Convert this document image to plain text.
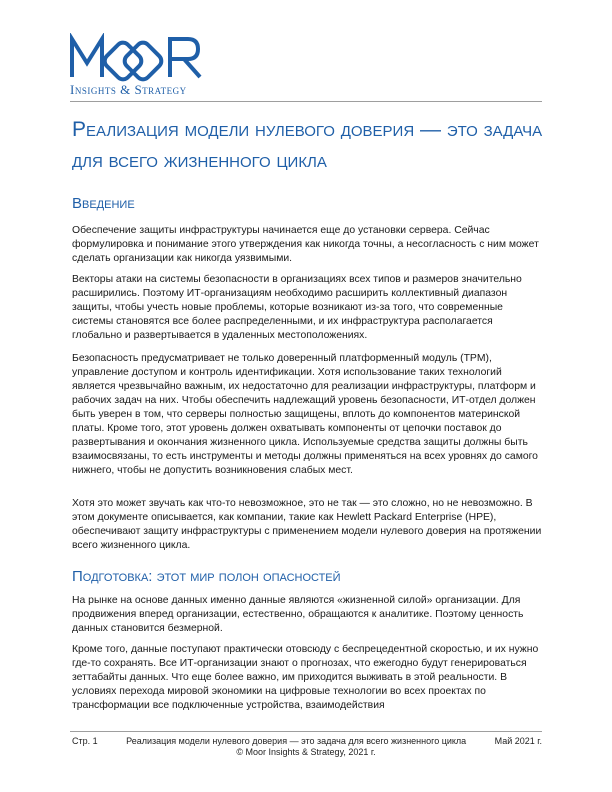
Insights & Strategy
Реализация модели нулевого доверия — это задача для всего жизненного цикла
Введение

Обеспечение защиты инфраструктуры начинается еще до установки сервера. Сейчас формулировка и понимание этого утверждения как никогда точны, а несогласность с ним может сделать организации как никогда уязвимыми.

Векторы атаки на системы безопасности в организациях всех типов и размеров значительно расширились. Поэтому ИТ-организациям необходимо расширить коллективный диапазон защиты, чтобы учесть новые проблемы, которые возникают из-за того, что современные системы становятся все более распределенными, и их инфраструктура располагается глобально и развертывается в удаленных местоположениях.

Безопасность предусматривает не только доверенный платформенный модуль (TPM), управление доступом и контроль идентификации. Хотя использование таких технологий является чрезвычайно важным, их недостаточно для реализации инфраструктуры, платформ и рабочих задач на них. Чтобы обеспечить надлежащий уровень безопасности, ИТ-отдел должен быть уверен в том, что серверы полностью защищены, вплоть до компонентов материнской платы. Кроме того, этот уровень должен охватывать компоненты от цепочки поставок до развертывания и окончания жизненного цикла. Используемые средства защиты должны быть взаимосвязаны, то есть инструменты и методы должны применяться на всех уровнях до самого нижнего, чтобы не допустить возникновения слабых мест.

Хотя это может звучать как что-то невозможное, это не так — это сложно, но не невозможно. В этом документе описывается, как компании, такие как Hewlett Packard Enterprise (HPE), обеспечивают защиту инфраструктуры с применением модели нулевого доверия на протяжении всего жизненного цикла.

Подготовка: этот мир полон опасностей

На рынке на основе данных именно данные являются «жизненной силой» организации. Для продвижения вперед организации, естественно, обращаются к аналитике. Поэтому ценность данных становится безмерной.

Кроме того, данные поступают практически отовсюду с беспрецедентной скоростью, и их нужно где-то сохранять. Все ИТ-организации знают о прогнозах, что ежегодно будут генерироваться зеттабайты данных. Что еще более важно, им приходится выживать в этой реальности. В условиях перехода мировой экономики на цифровые технологии во всех проектах по трансформации все подключенные устройства, взаимодействия

Стр. 1	Реализация модели нулевого доверия — это задача для всего жизненного цикла	Май 2021 г.
© Moor Insights & Strategy, 2021 г.
